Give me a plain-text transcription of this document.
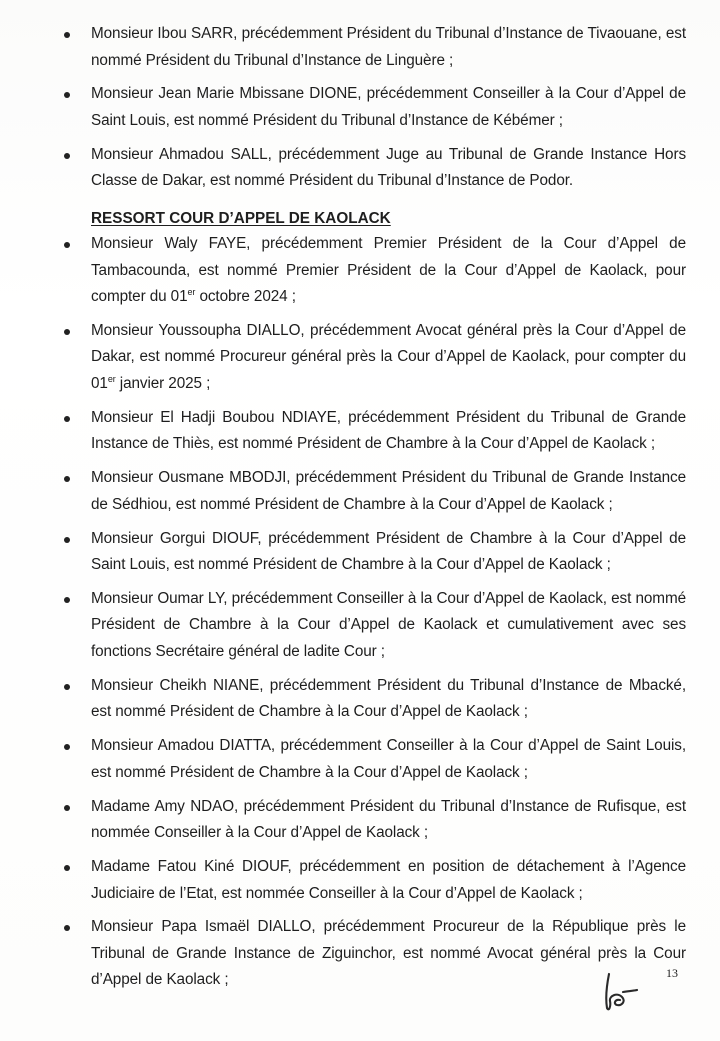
Monsieur Ibou SARR, précédemment Président du Tribunal d’Instance de Tivaouane, est nommé Président du Tribunal d’Instance de Linguère ;
Monsieur Jean Marie Mbissane DIONE, précédemment Conseiller à la Cour d’Appel de Saint Louis, est nommé Président du Tribunal d’Instance de Kébémer ;
Monsieur Ahmadou SALL, précédemment Juge au Tribunal de Grande Instance Hors Classe de Dakar, est nommé Président du Tribunal d’Instance de Podor.
RESSORT COUR D’APPEL DE KAOLACK
Monsieur Waly FAYE, précédemment Premier Président de la Cour d’Appel de Tambacounda, est nommé Premier Président de la Cour d’Appel de Kaolack, pour compter du 01er octobre 2024 ;
Monsieur Youssoupha DIALLO, précédemment Avocat général près la Cour d’Appel de Dakar, est nommé Procureur général près la Cour d’Appel de Kaolack, pour compter du 01er janvier 2025 ;
Monsieur El Hadji Boubou NDIAYE, précédemment Président du Tribunal de Grande Instance de Thiès, est nommé Président de Chambre à la Cour d’Appel de Kaolack ;
Monsieur Ousmane MBODJI, précédemment Président du Tribunal de Grande Instance de Sédhiou, est nommé Président de Chambre à la Cour d’Appel de Kaolack ;
Monsieur Gorgui DIOUF, précédemment Président de Chambre à la Cour d’Appel de Saint Louis, est nommé Président de Chambre à la Cour d’Appel de Kaolack ;
Monsieur Oumar LY, précédemment Conseiller à la Cour d’Appel de Kaolack, est nommé Président de Chambre à la Cour d’Appel de Kaolack et cumulativement avec ses fonctions Secrétaire général de ladite Cour ;
Monsieur Cheikh NIANE, précédemment Président du Tribunal d’Instance de Mbacké, est nommé Président de Chambre à la Cour d’Appel de Kaolack ;
Monsieur Amadou DIATTA, précédemment Conseiller à la Cour d’Appel de Saint Louis, est nommé Président de Chambre à la Cour d’Appel de Kaolack ;
Madame Amy NDAO, précédemment Président du Tribunal d’Instance de Rufisque, est nommée Conseiller à la Cour d’Appel de Kaolack ;
Madame Fatou Kiné DIOUF, précédemment en position de détachement à l’Agence Judiciaire de l’Etat, est nommée Conseiller à la Cour d’Appel de Kaolack ;
Monsieur Papa Ismaël DIALLO, précédemment Procureur de la République près le Tribunal de Grande Instance de Ziguinchor, est nommé Avocat général près la Cour d’Appel de Kaolack ;	13
